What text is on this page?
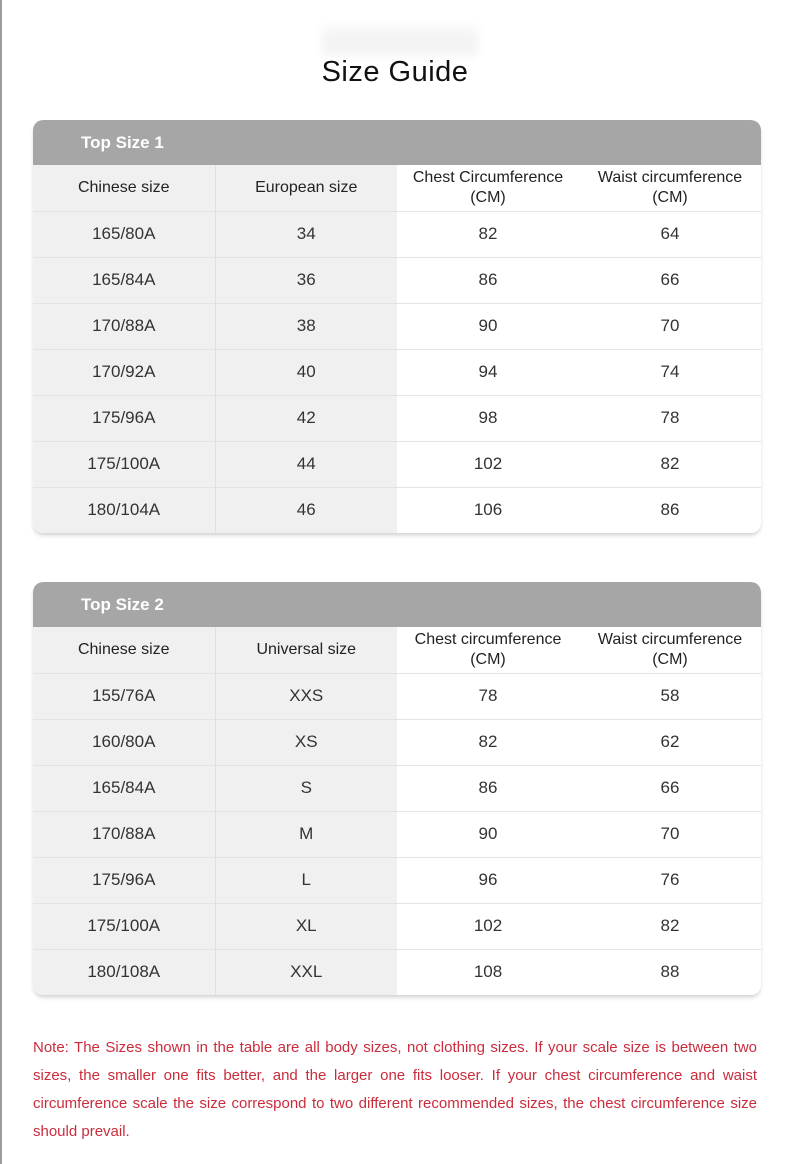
Size Guide
Top Size 1
Chinese size	European size	Chest Circumference (CM)	Waist circumference (CM)
165/80A	34	82	64
165/84A	36	86	66
170/88A	38	90	70
170/92A	40	94	74
175/96A	42	98	78
175/100A	44	102	82
180/104A	46	106	86
Top Size 2
Chinese size	Universal size	Chest circumference (CM)	Waist circumference (CM)
155/76A	XXS	78	58
160/80A	XS	82	62
165/84A	S	86	66
170/88A	M	90	70
175/96A	L	96	76
175/100A	XL	102	82
180/108A	XXL	108	88

Note: The Sizes shown in the table are all body sizes, not clothing sizes. If your scale size is between two sizes, the smaller one fits better, and the larger one fits looser. If your chest circumference and waist circumference scale the size correspond to two different recommended sizes, the chest circumference size should prevail.
